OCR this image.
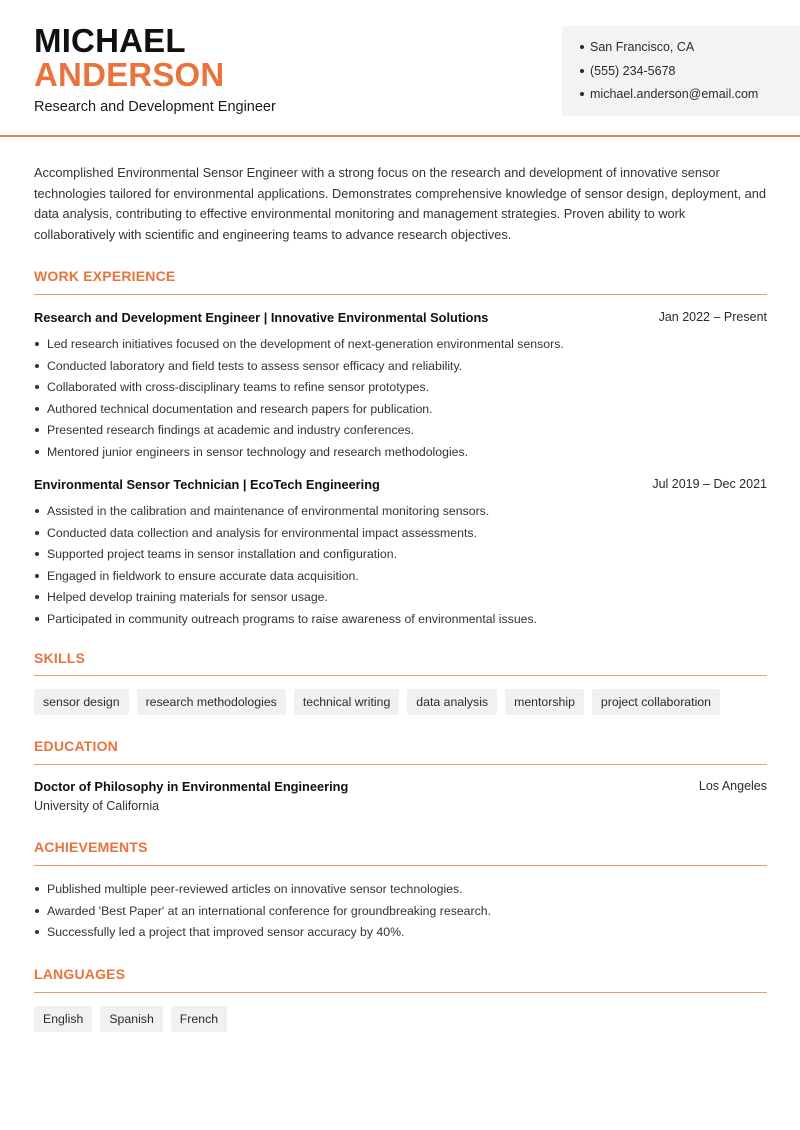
MICHAEL
ANDERSON
Research and Development Engineer
San Francisco, CA
(555) 234-5678
michael.anderson@email.com

Accomplished Environmental Sensor Engineer with a strong focus on the research and development of innovative sensor technologies tailored for environmental applications. Demonstrates comprehensive knowledge of sensor design, deployment, and data analysis, contributing to effective environmental monitoring and management strategies. Proven ability to work collaboratively with scientific and engineering teams to advance research objectives.

WORK EXPERIENCE
Research and Development Engineer | Innovative Environmental Solutions	Jan 2022 – Present
Led research initiatives focused on the development of next-generation environmental sensors.
Conducted laboratory and field tests to assess sensor efficacy and reliability.
Collaborated with cross-disciplinary teams to refine sensor prototypes.
Authored technical documentation and research papers for publication.
Presented research findings at academic and industry conferences.
Mentored junior engineers in sensor technology and research methodologies.
Environmental Sensor Technician | EcoTech Engineering	Jul 2019 – Dec 2021
Assisted in the calibration and maintenance of environmental monitoring sensors.
Conducted data collection and analysis for environmental impact assessments.
Supported project teams in sensor installation and configuration.
Engaged in fieldwork to ensure accurate data acquisition.
Helped develop training materials for sensor usage.
Participated in community outreach programs to raise awareness of environmental issues.
SKILLS
sensor design	research methodologies	technical writing	data analysis	mentorship	project collaboration
EDUCATION
Doctor of Philosophy in Environmental Engineering	Los Angeles
University of California
ACHIEVEMENTS
Published multiple peer-reviewed articles on innovative sensor technologies.
Awarded 'Best Paper' at an international conference for groundbreaking research.
Successfully led a project that improved sensor accuracy by 40%.
LANGUAGES
English	Spanish	French
